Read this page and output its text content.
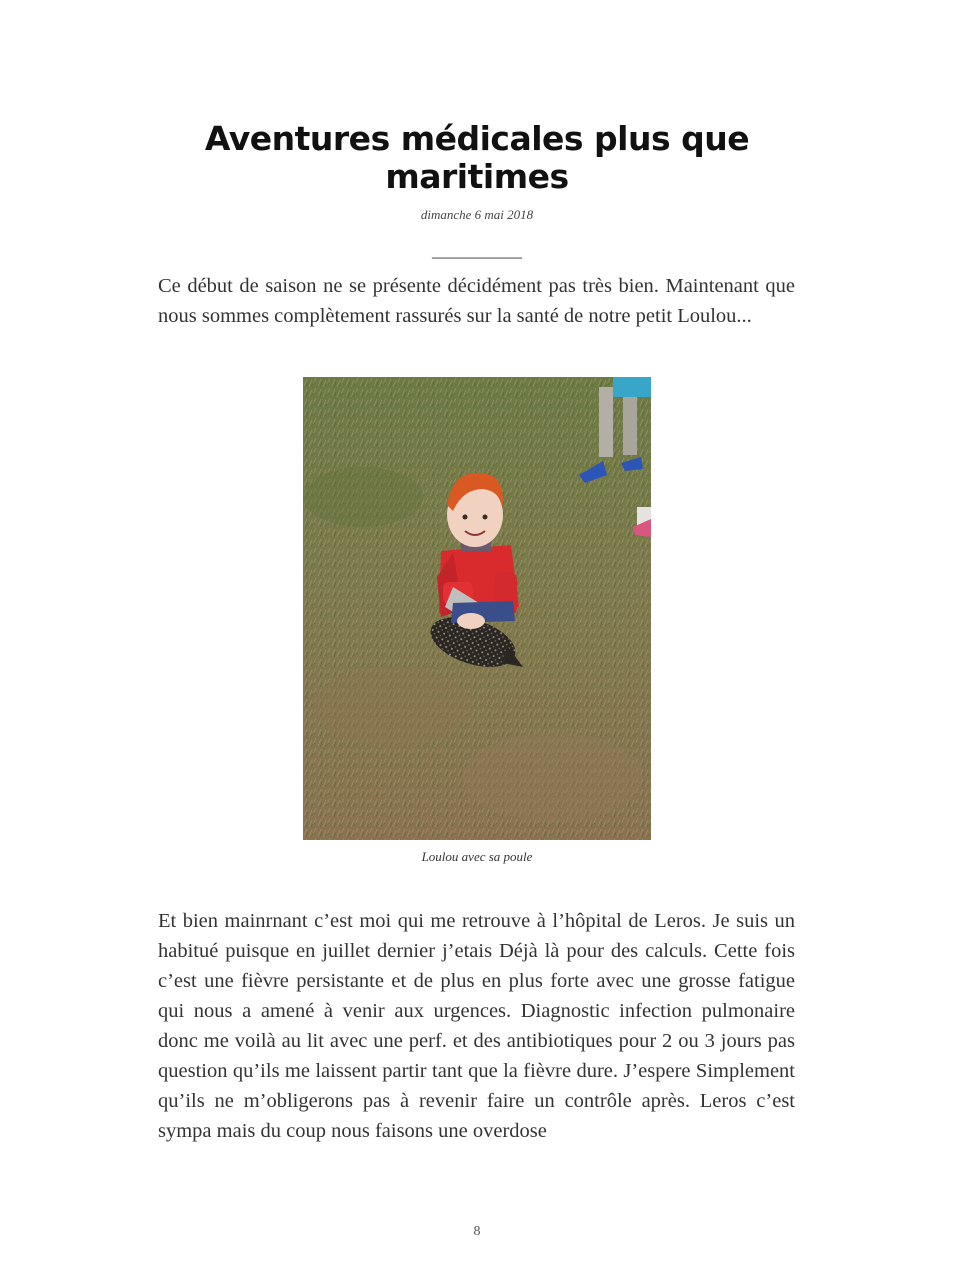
Aventures médicales plus que maritimes
dimanche 6 mai 2018
__________

Ce début de saison ne se présente décidément pas très bien. Maintenant que nous sommes complètement rassurés sur la santé de notre petit Loulou...

Loulou avec sa poule

Et bien mainrnant c’est moi qui me retrouve à l’hôpital de Leros. Je suis un habitué puisque en juillet dernier j’etais Déjà là pour des calculs. Cette fois c’est une fièvre persistante et de plus en plus forte avec une grosse fatigue qui nous a amené à venir aux urgences. Diagnostic infection pulmonaire donc me voilà au lit avec une perf. et des antibiotiques pour 2 ou 3 jours pas question qu’ils me laissent partir tant que la fièvre dure. J’espere Simplement qu’ils ne m’obligerons pas à revenir faire un contrôle après. Leros c’est sympa mais du coup nous faisons une overdose

8
